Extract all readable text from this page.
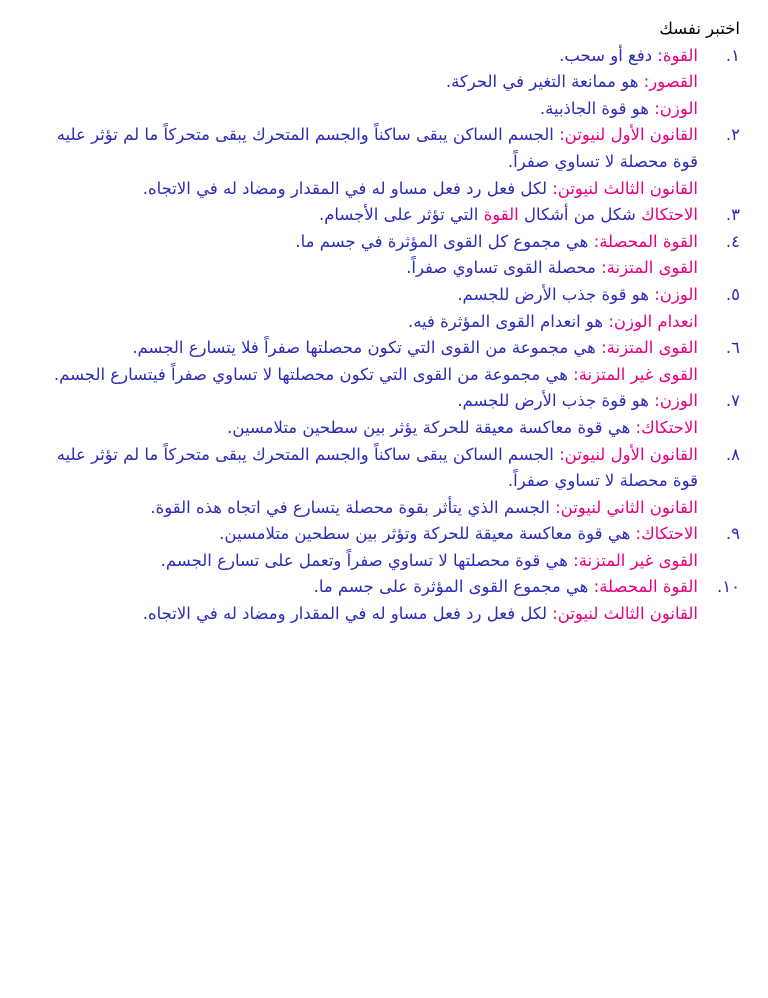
اختبر نفسك
١.
القوة: دفع أو سحب.
القصور: هو ممانعة التغير في الحركة.
الوزن: هو قوة الجاذبية.
٢.
القانون الأول لنيوتن: الجسم الساكن يبقى ساكناً والجسم المتحرك يبقى متحركاً ما لم تؤثر عليه قوة محصلة لا تساوي صفراً.
القانون الثالث لنيوتن: لكل فعل رد فعل مساو له في المقدار ومضاد له في الاتجاه.
٣.
الاحتكاك شكل من أشكال القوة التي تؤثر على الأجسام.
٤.
القوة المحصلة: هي مجموع كل القوى المؤثرة في جسم ما.
القوى المتزنة: محصلة القوى تساوي صفراً.
٥.
الوزن: هو قوة جذب الأرض للجسم.
انعدام الوزن: هو انعدام القوى المؤثرة فيه.
٦.
القوى المتزنة: هي مجموعة من القوى التي تكون محصلتها صفراً فلا يتسارع الجسم.
القوى غير المتزنة: هي مجموعة من القوى التي تكون محصلتها لا تساوي صفراً فيتسارع الجسم.
٧.
الوزن: هو قوة جذب الأرض للجسم.
الاحتكاك: هي قوة معاكسة معيقة للحركة يؤثر بين سطحين متلامسين.
٨.
القانون الأول لنيوتن: الجسم الساكن يبقى ساكناً والجسم المتحرك يبقى متحركاً ما لم تؤثر عليه قوة محصلة لا تساوي صفراً.
القانون الثاني لنيوتن: الجسم الذي يتأثر بقوة محصلة يتسارع في اتجاه هذه القوة.
٩.
الاحتكاك: هي قوة معاكسة معيقة للحركة وتؤثر بين سطحين متلامسين.
القوى غير المتزنة: هي قوة محصلتها لا تساوي صفراً وتعمل على تسارع الجسم.
١٠.
القوة المحصلة: هي مجموع القوى المؤثرة على جسم ما.
القانون الثالث لنيوتن: لكل فعل رد فعل مساو له في المقدار ومضاد له في الاتجاه.
